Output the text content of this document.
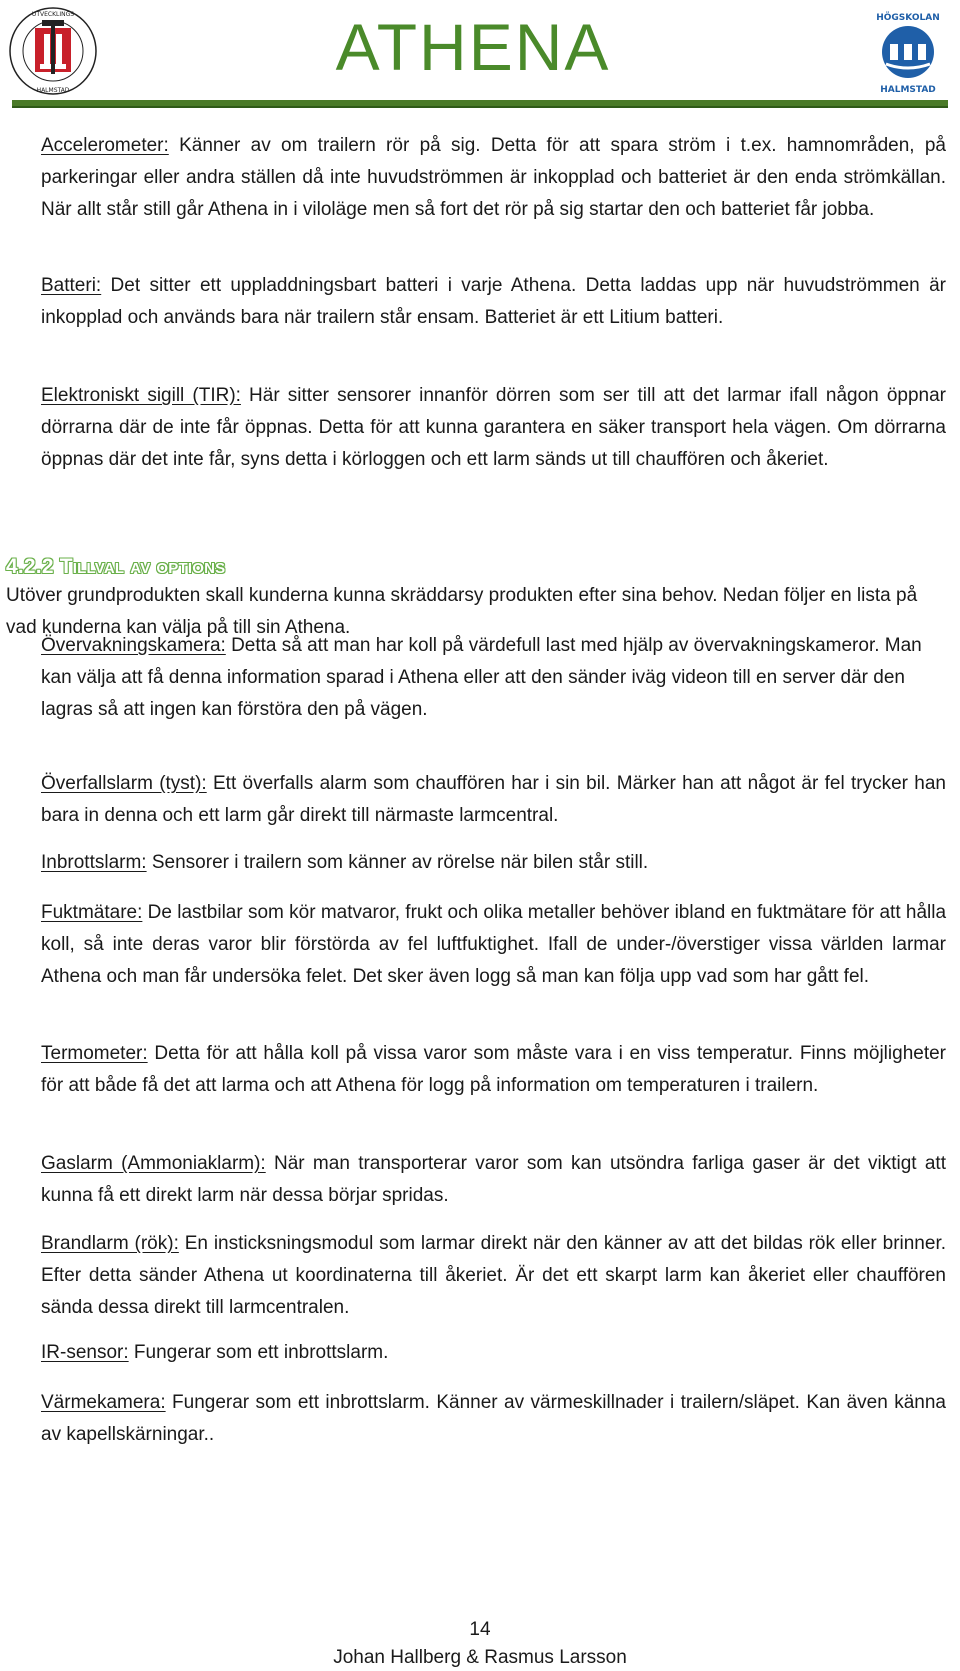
UTVECKLINGS
HALMSTAD
ATHENA	HÖGSKOLAN
HALMSTAD

Accelerometer: Känner av om trailern rör på sig. Detta för att spara ström i t.ex. hamnområden, på parkeringar eller andra ställen då inte huvudströmmen är inkopplad och batteriet är den enda strömkällan. När allt står still går Athena in i viloläge men så fort det rör på sig startar den och batteriet får jobba.

Batteri: Det sitter ett uppladdningsbart batteri i varje Athena. Detta laddas upp när huvudströmmen är inkopplad och används bara när trailern står ensam. Batteriet är ett Litium batteri.

Elektroniskt sigill (TIR): Här sitter sensorer innanför dörren som ser till att det larmar ifall någon öppnar dörrarna där de inte får öppnas. Detta för att kunna garantera en säker transport hela vägen. Om dörrarna öppnas där det inte får, syns detta i körloggen och ett larm sänds ut till chauffören och åkeriet.

4.2.2 Tillval av options

Utöver grundprodukten skall kunderna kunna skräddarsy produkten efter sina behov. Nedan följer en lista på vad kunderna kan välja på till sin Athena.

Övervakningskamera: Detta så att man har koll på värdefull last med hjälp av övervakningskameror. Man kan välja att få denna information sparad i Athena eller att den sänder iväg videon till en server där den lagras så att ingen kan förstöra den på vägen.

Överfallslarm (tyst): Ett överfalls alarm som chauffören har i sin bil. Märker han att något är fel trycker han bara in denna och ett larm går direkt till närmaste larmcentral.

Inbrottslarm: Sensorer i trailern som känner av rörelse när bilen står still.

Fuktmätare: De lastbilar som kör matvaror, frukt och olika metaller behöver ibland en fuktmätare för att hålla koll, så inte deras varor blir förstörda av fel luftfuktighet. Ifall de under-/överstiger vissa världen larmar Athena och man får undersöka felet. Det sker även logg så man kan följa upp vad som har gått fel.

Termometer: Detta för att hålla koll på vissa varor som måste vara i en viss temperatur. Finns möjligheter för att både få det att larma och att Athena för logg på information om temperaturen i trailern.

Gaslarm (Ammoniaklarm): När man transporterar varor som kan utsöndra farliga gaser är det viktigt att kunna få ett direkt larm när dessa börjar spridas.

Brandlarm (rök): En insticksningsmodul som larmar direkt när den känner av att det bildas rök eller brinner. Efter detta sänder Athena ut koordinaterna till åkeriet. Är det ett skarpt larm kan åkeriet eller chauffören sända dessa direkt till larmcentralen.

IR-sensor: Fungerar som ett inbrottslarm.

Värmekamera: Fungerar som ett inbrottslarm. Känner av värmeskillnader i trailern/släpet. Kan även känna av kapellskärningar..

14
Johan Hallberg & Rasmus Larsson
